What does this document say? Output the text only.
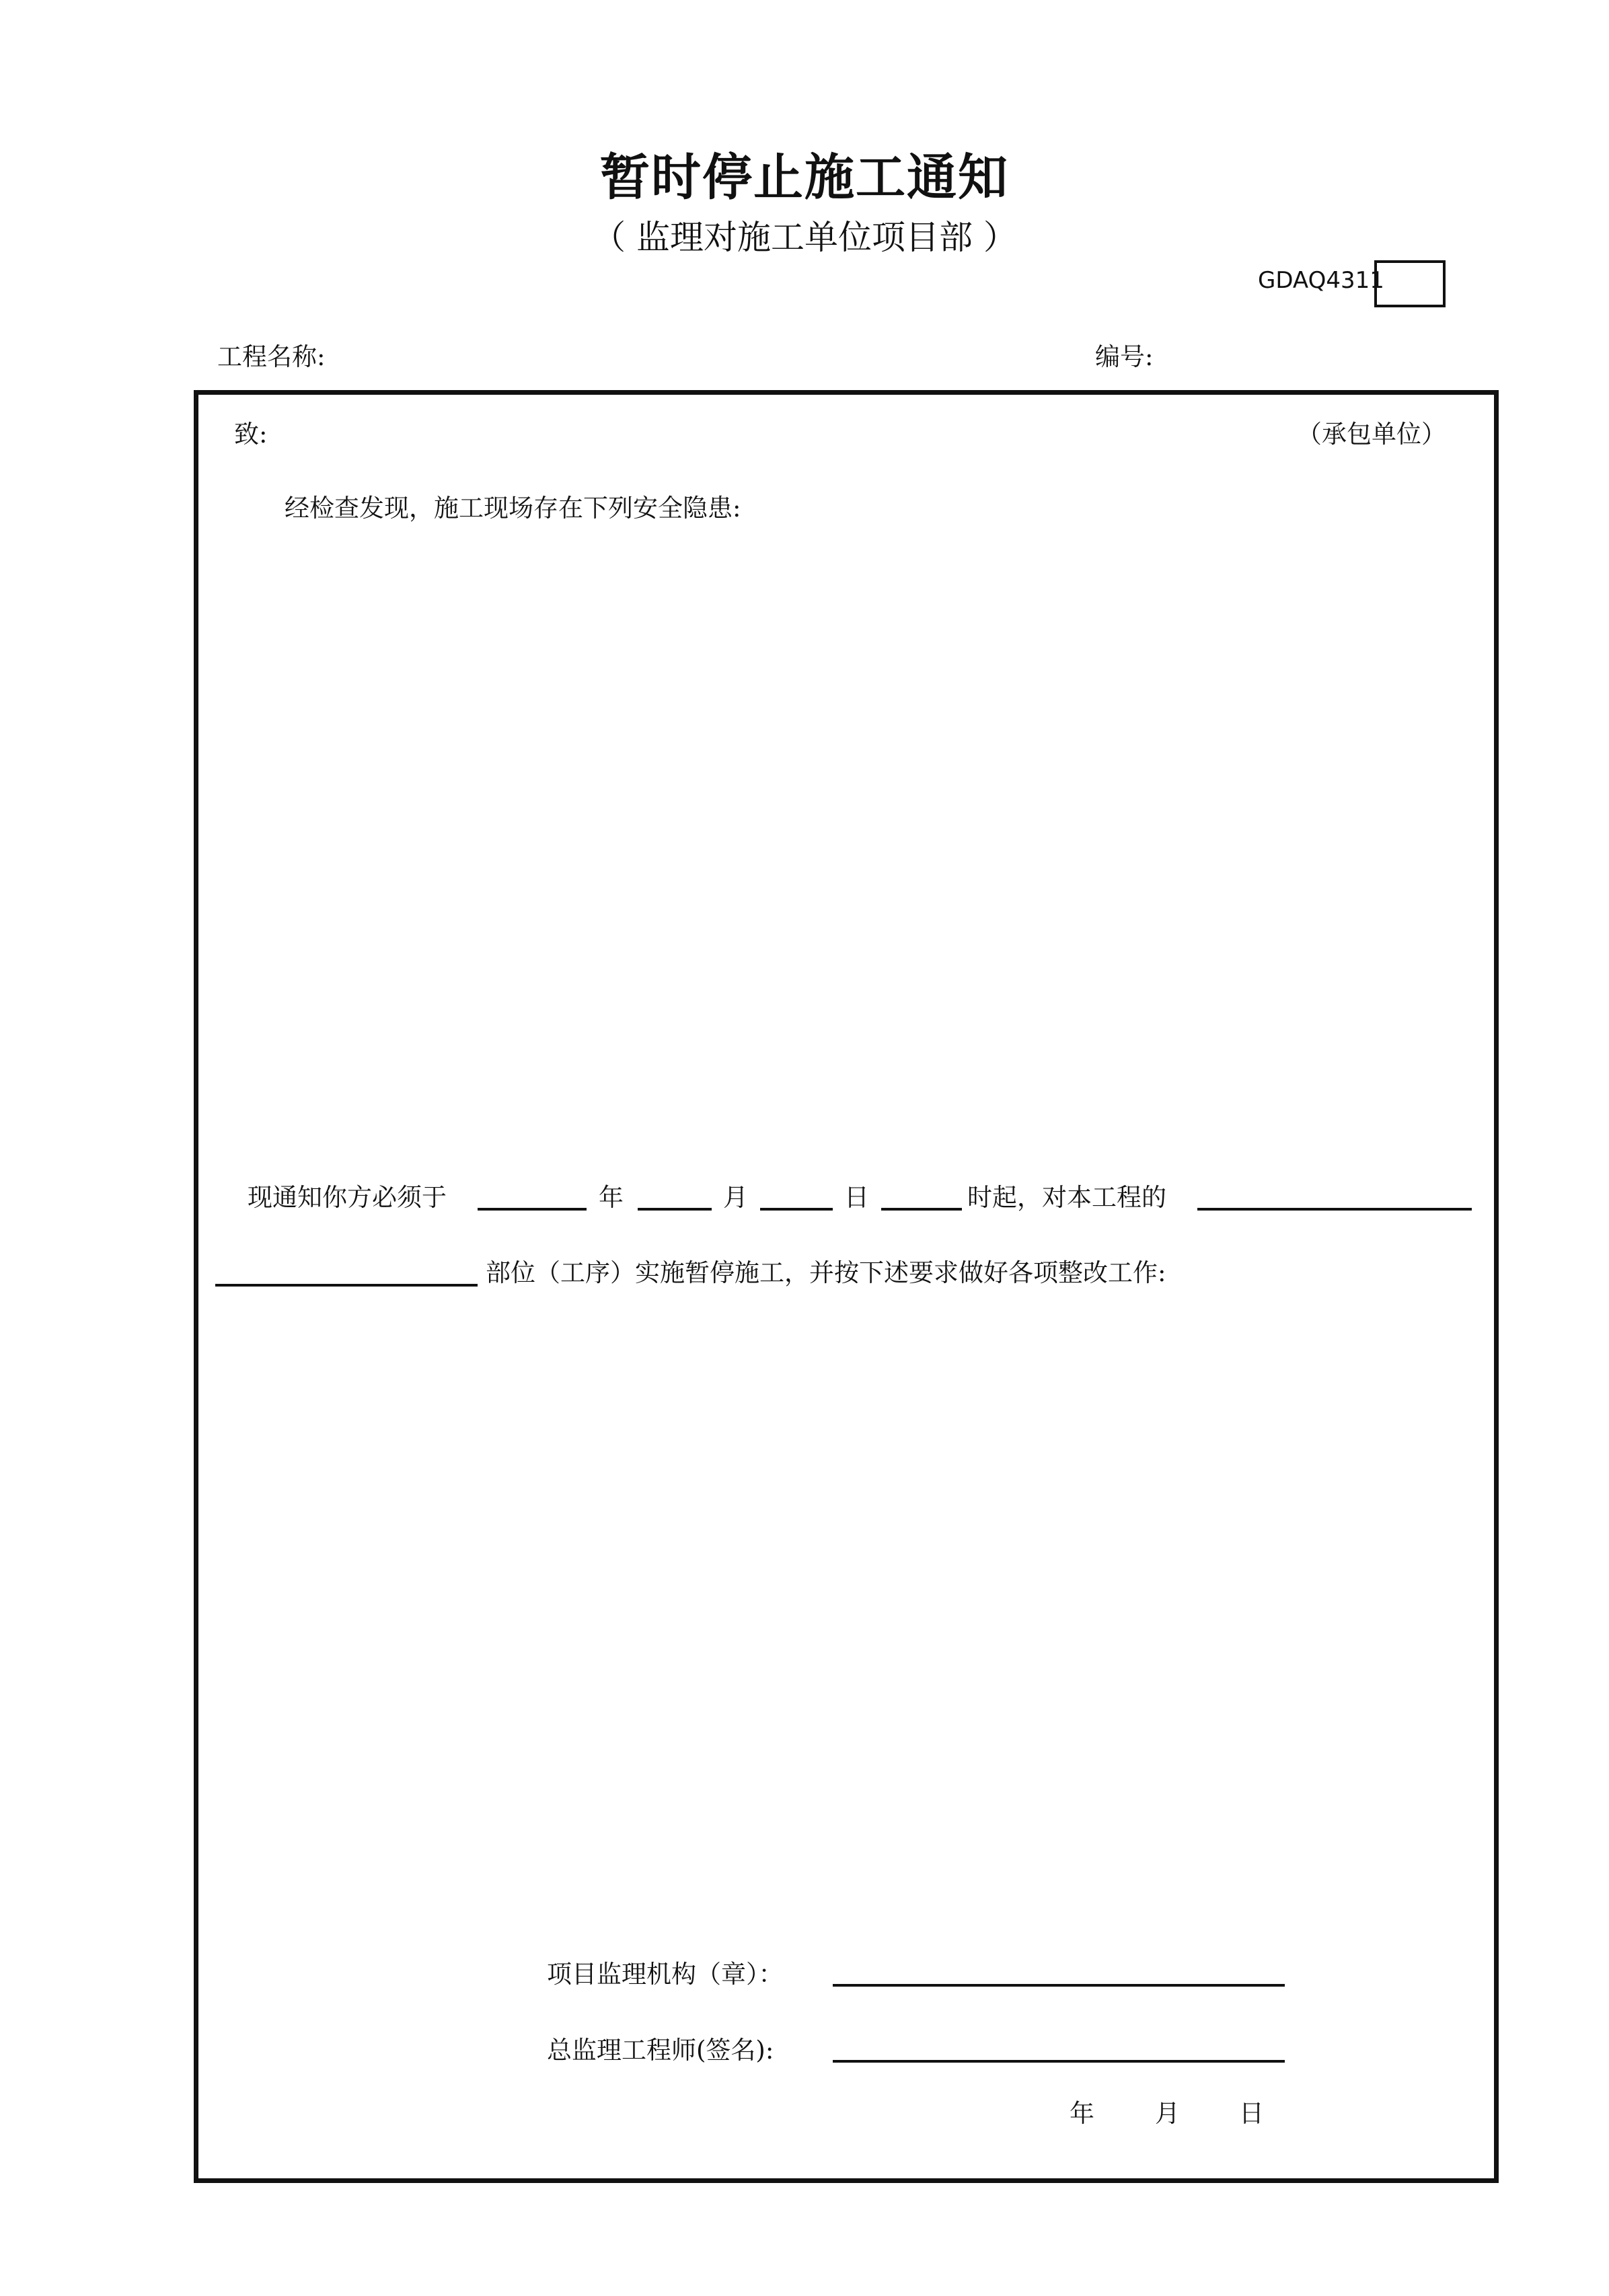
暂时停止施工通知
（ 监理对施工单位项目部 ）
GDAQ4311
工程名称:	编号:
致:	（承包单位）
经检查发现，施工现场存在下列安全隐患:
现通知你方必须于	年	月	日	时起，对本工程的
部位（工序）实施暂停施工，并按下述要求做好各项整改工作:
项目监理机构（章）：
总监理工程师(签名):
年 月 日
